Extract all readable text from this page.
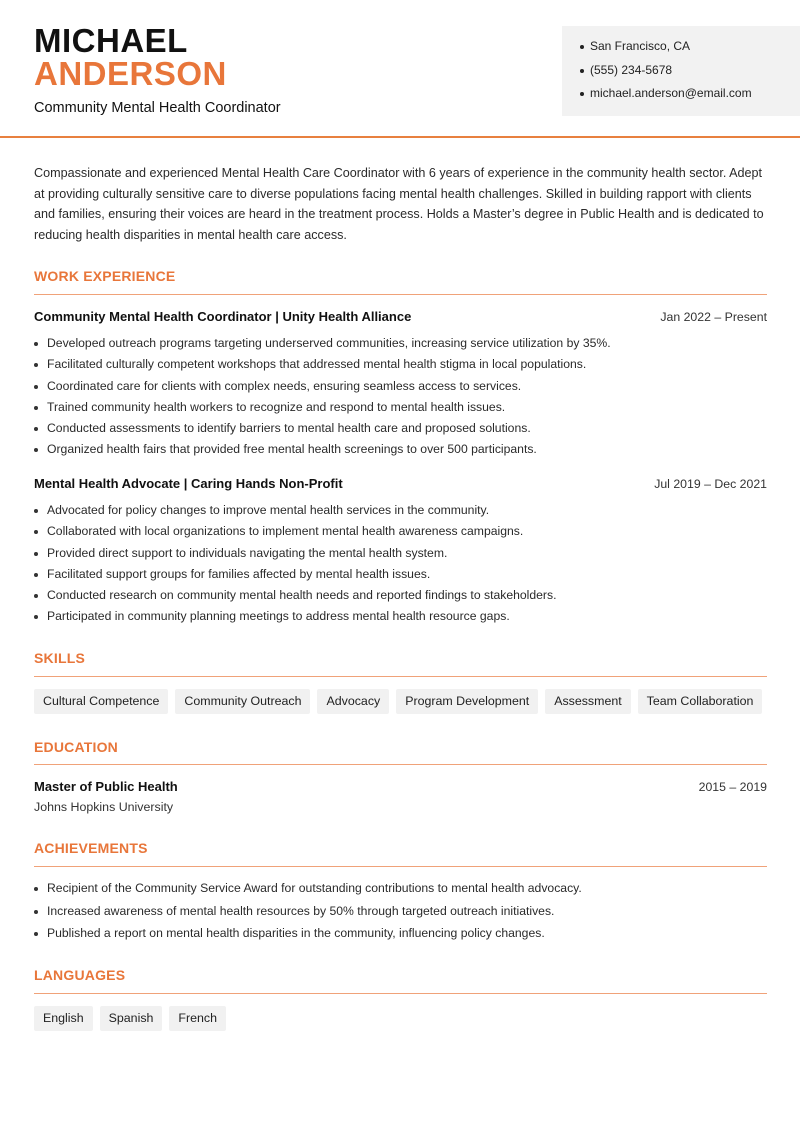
MICHAEL
ANDERSON
Community Mental Health Coordinator
San Francisco, CA
(555) 234-5678
michael.anderson@email.com
Compassionate and experienced Mental Health Care Coordinator with 6 years of experience in the community health sector. Adept at providing culturally sensitive care to diverse populations facing mental health challenges. Skilled in building rapport with clients and families, ensuring their voices are heard in the treatment process. Holds a Master’s degree in Public Health and is dedicated to reducing health disparities in mental health care access.
WORK EXPERIENCE
Community Mental Health Coordinator | Unity Health Alliance	Jan 2022 – Present
Developed outreach programs targeting underserved communities, increasing service utilization by 35%.
Facilitated culturally competent workshops that addressed mental health stigma in local populations.
Coordinated care for clients with complex needs, ensuring seamless access to services.
Trained community health workers to recognize and respond to mental health issues.
Conducted assessments to identify barriers to mental health care and proposed solutions.
Organized health fairs that provided free mental health screenings to over 500 participants.
Mental Health Advocate | Caring Hands Non-Profit	Jul 2019 – Dec 2021
Advocated for policy changes to improve mental health services in the community.
Collaborated with local organizations to implement mental health awareness campaigns.
Provided direct support to individuals navigating the mental health system.
Facilitated support groups for families affected by mental health issues.
Conducted research on community mental health needs and reported findings to stakeholders.
Participated in community planning meetings to address mental health resource gaps.
SKILLS
Cultural Competence	Community Outreach	Advocacy	Program Development	Assessment	Team Collaboration
EDUCATION
Master of Public Health	2015 – 2019
Johns Hopkins University
ACHIEVEMENTS
Recipient of the Community Service Award for outstanding contributions to mental health advocacy.
Increased awareness of mental health resources by 50% through targeted outreach initiatives.
Published a report on mental health disparities in the community, influencing policy changes.
LANGUAGES
English	Spanish	French
